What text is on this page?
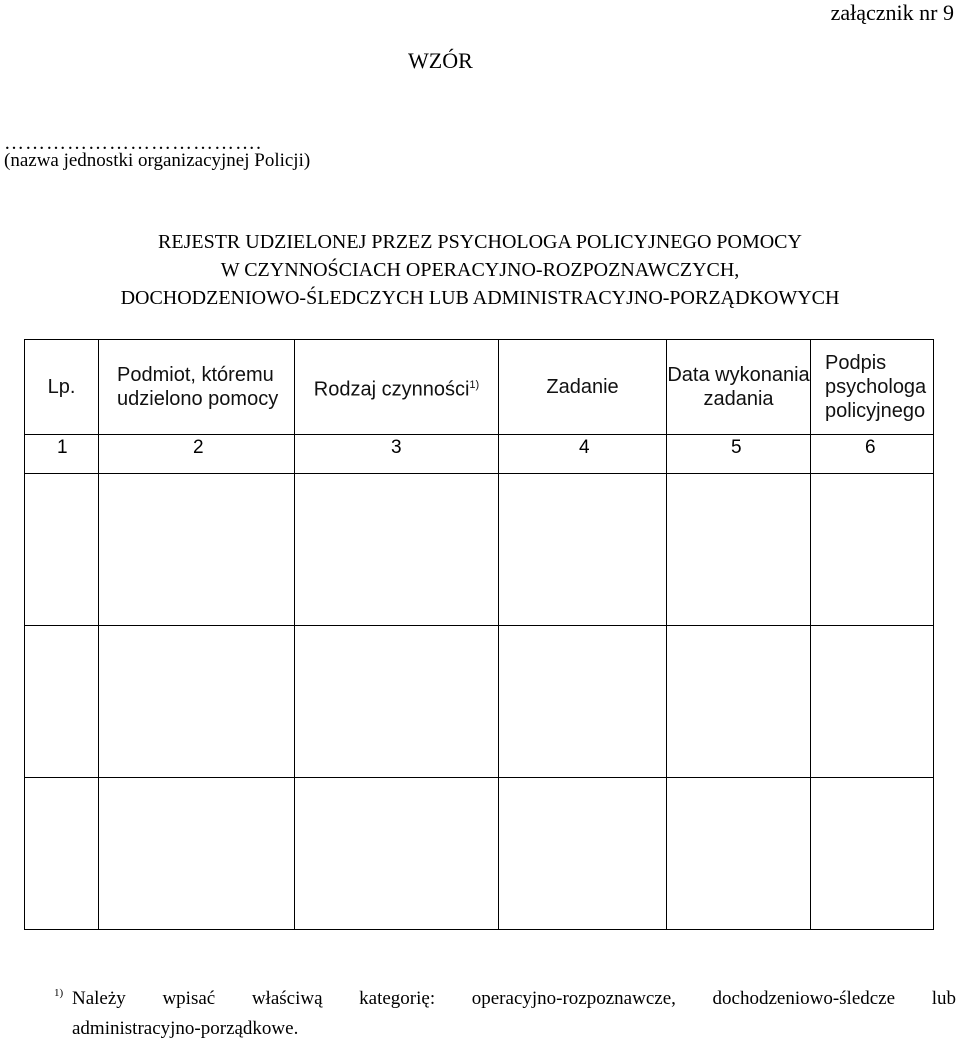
załącznik nr 9
WZÓR
……………………………….
(nazwa jednostki organizacyjnej Policji)
REJESTR UDZIELONEJ PRZEZ PSYCHOLOGA POLICYJNEGO POMOCY
W CZYNNOŚCIACH OPERACYJNO-ROZPOZNAWCZYCH,
DOCHODZENIOWO-ŚLEDCZYCH LUB ADMINISTRACYJNO-PORZĄDKOWYCH
Lp.	Podmiot, któremu udzielono pomocy	Rodzaj czynności$^{1)}$	Zadanie	Data wykonania zadania	Podpis psychologa policyjnego
1	2	3	4	5	6

1) Należy wpisać właściwą kategorię: operacyjno-rozpoznawcze, dochodzeniowo-śledcze lub
administracyjno-porządkowe.
